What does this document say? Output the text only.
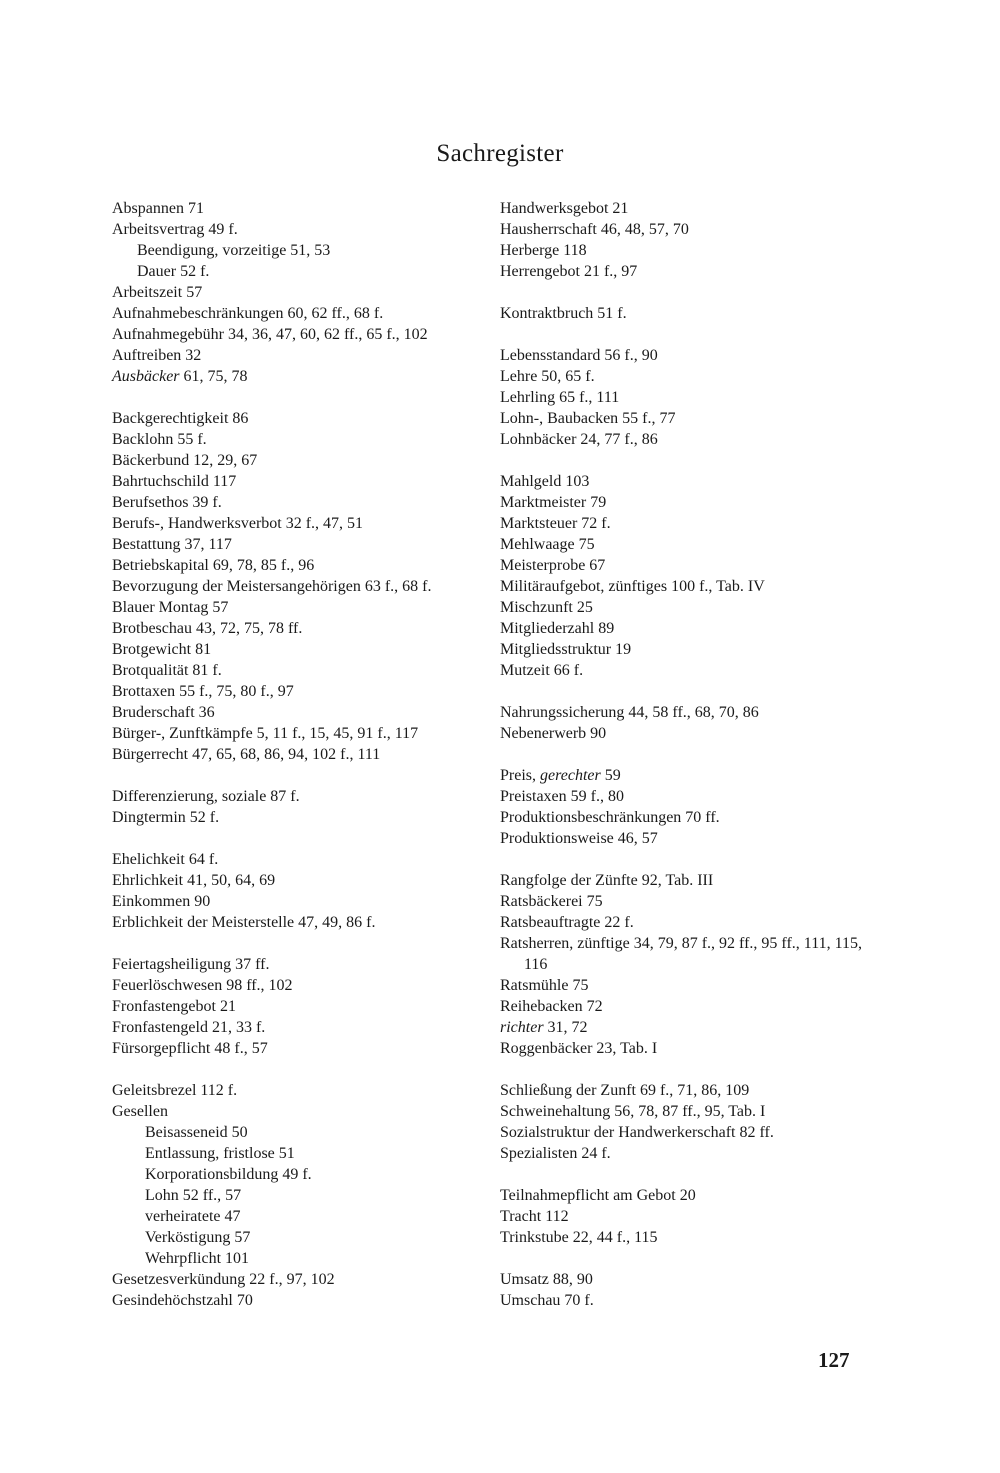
Sachregister
Abspannen 71
Arbeitsvertrag 49 f.
Beendigung, vorzeitige 51, 53
Dauer 52 f.
Arbeitszeit 57
Aufnahmebeschränkungen 60, 62 ff., 68 f.
Aufnahmegebühr 34, 36, 47, 60, 62 ff., 65 f., 102
Auftreiben 32
Ausbäcker 61, 75, 78
Backgerechtigkeit 86
Backlohn 55 f.
Bäckerbund 12, 29, 67
Bahrtuchschild 117
Berufsethos 39 f.
Berufs-, Handwerksverbot 32 f., 47, 51
Bestattung 37, 117
Betriebskapital 69, 78, 85 f., 96
Bevorzugung der Meistersangehörigen 63 f., 68 f.
Blauer Montag 57
Brotbeschau 43, 72, 75, 78 ff.
Brotgewicht 81
Brotqualität 81 f.
Brottaxen 55 f., 75, 80 f., 97
Bruderschaft 36
Bürger-, Zunftkämpfe 5, 11 f., 15, 45, 91 f., 117
Bürgerrecht 47, 65, 68, 86, 94, 102 f., 111
Differenzierung, soziale 87 f.
Dingtermin 52 f.
Ehelichkeit 64 f.
Ehrlichkeit 41, 50, 64, 69
Einkommen 90
Erblichkeit der Meisterstelle 47, 49, 86 f.
Feiertagsheiligung 37 ff.
Feuerlöschwesen 98 ff., 102
Fronfastengebot 21
Fronfastengeld 21, 33 f.
Fürsorgepflicht 48 f., 57
Geleitsbrezel 112 f.
Gesellen
Beisasseneid 50
Entlassung, fristlose 51
Korporationsbildung 49 f.
Lohn 52 ff., 57
verheiratete 47
Verköstigung 57
Wehrpflicht 101
Gesetzesverkündung 22 f., 97, 102
Gesindehöchstzahl 70
Handwerksgebot 21
Hausherrschaft 46, 48, 57, 70
Herberge 118
Herrengebot 21 f., 97
Kontraktbruch 51 f.
Lebensstandard 56 f., 90
Lehre 50, 65 f.
Lehrling 65 f., 111
Lohn-, Baubacken 55 f., 77
Lohnbäcker 24, 77 f., 86
Mahlgeld 103
Marktmeister 79
Marktsteuer 72 f.
Mehlwaage 75
Meisterprobe 67
Militäraufgebot, zünftiges 100 f., Tab. IV
Mischzunft 25
Mitgliederzahl 89
Mitgliedsstruktur 19
Mutzeit 66 f.
Nahrungssicherung 44, 58 ff., 68, 70, 86
Nebenerwerb 90
Preis, gerechter 59
Preistaxen 59 f., 80
Produktionsbeschränkungen 70 ff.
Produktionsweise 46, 57
Rangfolge der Zünfte 92, Tab. III
Ratsbäckerei 75
Ratsbeauftragte 22 f.
Ratsherren, zünftige 34, 79, 87 f., 92 ff., 95 ff., 111, 115, 116
Ratsmühle 75
Reihebacken 72
richter 31, 72
Roggenbäcker 23, Tab. I
Schließung der Zunft 69 f., 71, 86, 109
Schweinehaltung 56, 78, 87 ff., 95, Tab. I
Sozialstruktur der Handwerkerschaft 82 ff.
Spezialisten 24 f.
Teilnahmepflicht am Gebot 20
Tracht 112
Trinkstube 22, 44 f., 115
Umsatz 88, 90
Umschau 70 f.
127
